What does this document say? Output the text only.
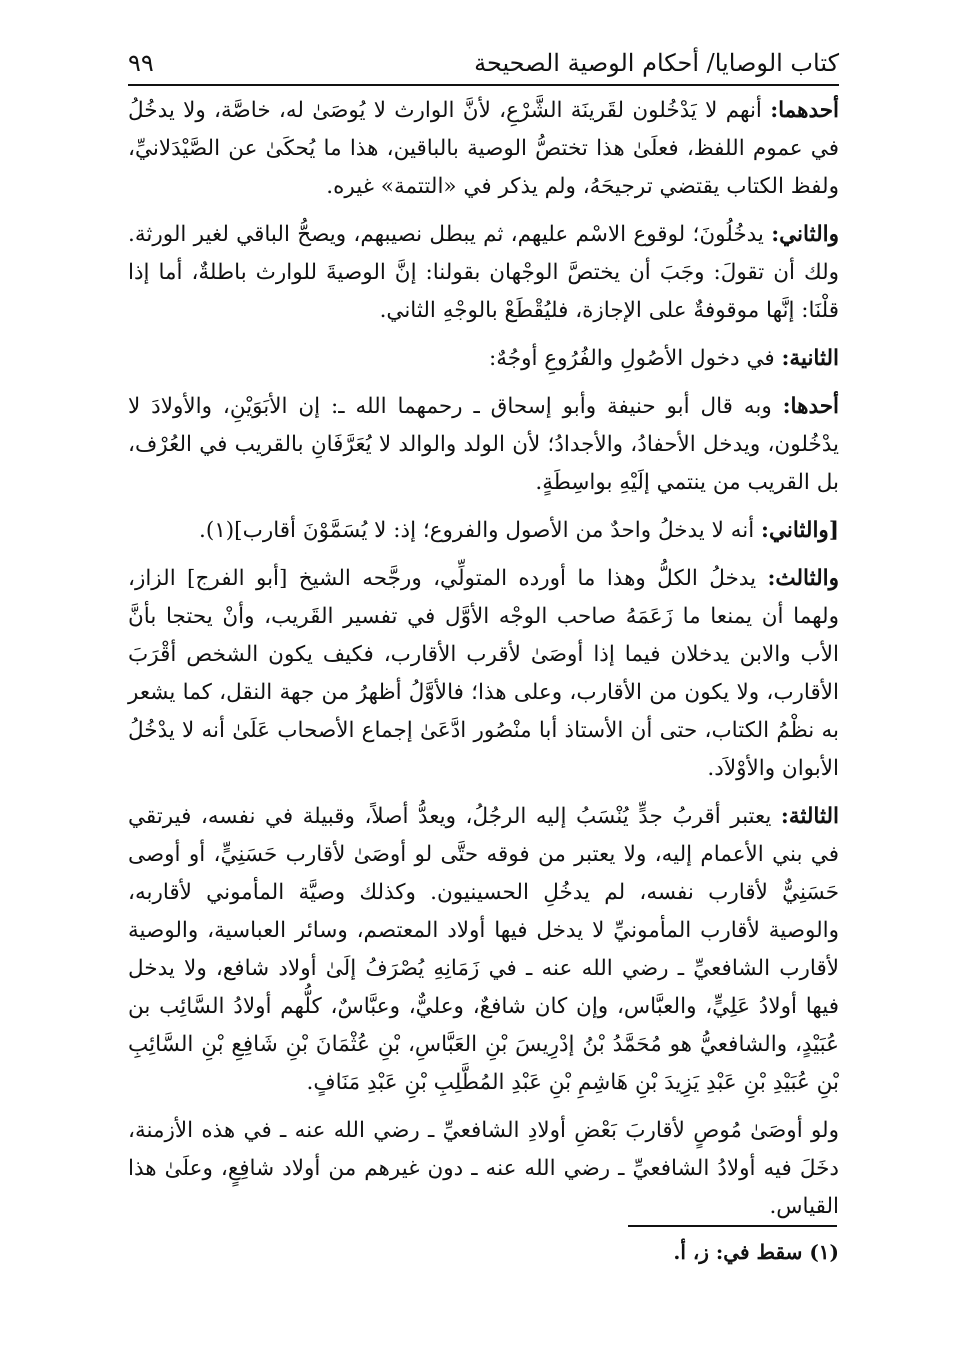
كتاب الوصايا/ أحكام الوصية الصحيحة
٩٩

أحدهما: أنهم لا يَدْخُلون لقَرينَة الشَّرْعِ، لأنَّ الوارث لا يُوصَىٰ له، خاصَّة، ولا يدخُلُ في عموم اللفظ، فعلَىٰ هذا تختصُّ الوصية بالباقين، هذا ما يُحكَىٰ عن الصَّيْدَلانيِّ، ولفظ الكتاب يقتضي ترجيحَهُ، ولم يذكر في «التتمة» غيره.

والثاني: يدخُلُونَ؛ لوقوع الاسْم عليهم، ثم يبطل نصيبهم، ويصحُّ الباقي لغير الورثة. ولك أن تقولَ: وجَبَ أن يختصَّ الوجْهان بقولنا: إنَّ الوصيةَ للوارث باطلةٌ، أما إذا قلْنَا: إنَّها موقوفةٌ على الإجازة، فليُقْطَعْ بالوجْهِ الثاني.

الثانية: في دخول الأصُولِ والفُرُوعِ أوجُهٌ:

أحدها: وبه قال أبو حنيفة وأبو إسحاق ـ رحمهما الله ـ: إن الأبَوَيْنِ، والأولادَ لا يدْخُلون، ويدخل الأحفادُ، والأجدادُ؛ لأن الولد والوالد لا يُعَرَّفَانِ بالقريب في العُرْف، بل القريب من ينتمي إلَيْهِ بواسِطَةٍ.

[والثاني: أنه لا يدخلُ واحدٌ من الأصول والفروع؛ إذ: لا يُسَمَّوْنَ أقارب](١).

والثالث: يدخلُ الكلُّ وهذا ما أورده المتولِّي، ورجَّحه الشيخ [أبو الفرج] الزاز، ولهما أن يمنعا ما زَعَمَهُ صاحب الوجْه الأوَّل في تفسير القَريب، وأنْ يحتجا بأنَّ الأب والابن يدخلان فيما إذا أوصَىٰ لأقرب الأقارب، فكيف يكون الشخص أقْرَبَ الأقارب، ولا يكون من الأقارب، وعلى هذا؛ فالأوَّلُ أظهرُ من جهة النقل، كما يشعر به نظْمُ الكتاب، حتى أن الأستاذ أبا منْصُور ادَّعَىٰ إجماع الأصحاب عَلَىٰ أنه لا يدْخُلُ الأبوان والأوْلاَد.

الثالثة: يعتبر أقربُ جدٍّ يُنْسَبُ إليه الرجُلُ، ويعدُّ أصلاً، وقبيلة في نفسه، فيرتقي في بني الأعمام إليه، ولا يعتبر من فوقه حتَّى لو أوصَىٰ لأقارب حَسَنِيٍّ، أو أوصى حَسَنِيٌّ لأقارب نفسه، لم يدخُلِ الحسينيون. وكذلك وصيَّة المأموني لأقاربه، والوصية لأقارب المأمونيِّ لا يدخل فيها أولاد المعتصم، وسائر العباسية، والوصية لأقارب الشافعيِّ ـ رضي الله عنه ـ في زَمَانِهِ يُصْرَفُ إلَىٰ أولاد شافع، ولا يدخل فيها أولادُ عَلِيٍّ، والعبَّاس، وإن كان شافعٌ، وعليٌّ، وعبَّاسٌ، كلُّهم أولادُ السَّائِب بن عُبَيْدٍ، والشافعيُّ هو مُحَمَّدُ بْنُ إدْرِيسَ بْنِ العَبَّاسِ، بْنِ عُثْمَانَ بْنِ شَافِعِ بْنِ السَّائِبِ بْنِ عُبَيْدِ بْنِ عَبْدِ يَزِيدَ بْنِ هَاشِمِ بْنِ عَبْدِ المُطَّلِبِ بْنِ عَبْدِ مَنَافٍ.

ولو أوصَىٰ مُوصٍ لأقاربَ بَعْضِ أولادِ الشافعيِّ ـ رضي الله عنه ـ في هذه الأزمنة، دخَلَ فيه أولادُ الشافعيِّ ـ رضي الله عنه ـ دون غيرهم من أولاد شافِعٍ، وعلَىٰ هذا القياس.

(١) سقط في: ز، أ.
